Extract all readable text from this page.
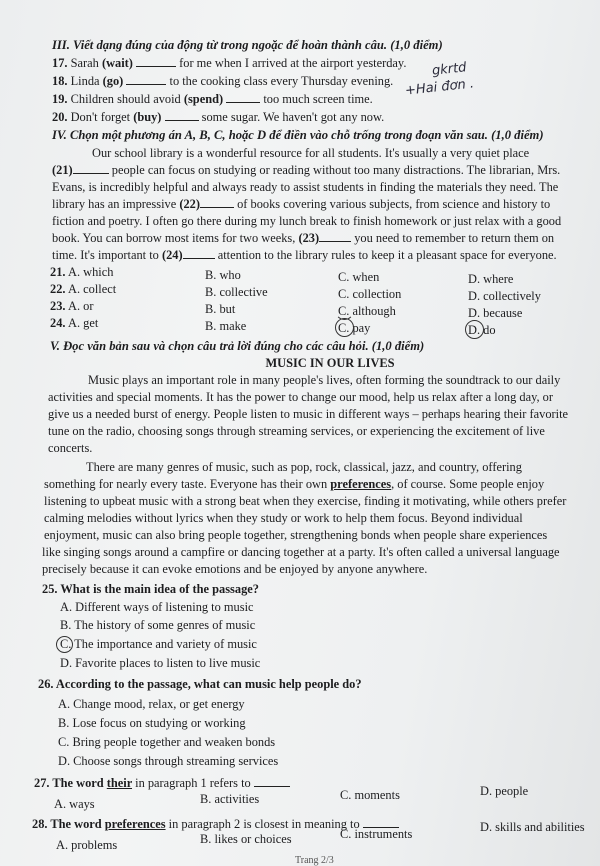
III. Viết dạng đúng của động từ trong ngoặc để hoàn thành câu. (1,0 điểm)
17. Sarah (wait)	for me when I arrived at the airport yesterday.
18. Linda (go)	to the cooking class every Thursday evening.
19. Children should avoid (spend)	too much screen time.
20. Don't forget (buy)	some sugar. We haven't got any now.
gkrtd
+Hai đơn .
IV. Chọn một phương án A, B, C, hoặc D để điền vào chỗ trống trong đoạn văn sau. (1,0 điểm)
Our school library is a wonderful resource for all students. It's usually a very quiet place
(21)	people can focus on studying or reading without too many distractions. The librarian, Mrs.
Evans, is incredibly helpful and always ready to assist students in finding the materials they need. The
library has an impressive (22)	of books covering various subjects, from science and history to
fiction and poetry. I often go there during my lunch break to finish homework or just relax with a good
book. You can borrow most items for two weeks, (23)	you need to remember to return them on
time. It's important to (24)	attention to the library rules to keep it a pleasant space for everyone.
21. A. which	B. who	C. when	D. where
22. A. collect	B. collective	C. collection	D. collectively
23. A. or	B. but	C. although	D. because
24. A. get	B. make	C. pay	D. do
V. Đọc văn bản sau và chọn câu trả lời đúng cho các câu hỏi. (1,0 điểm)
MUSIC IN OUR LIVES
Music plays an important role in many people's lives, often forming the soundtrack to our daily
activities and special moments. It has the power to change our mood, help us relax after a long day, or
give us a needed burst of energy. People listen to music in different ways – perhaps hearing their favorite
tune on the radio, choosing songs through streaming services, or experiencing the excitement of live
concerts.
There are many genres of music, such as pop, rock, classical, jazz, and country, offering
something for nearly every taste. Everyone has their own preferences, of course. Some people enjoy
listening to upbeat music with a strong beat when they exercise, finding it motivating, while others prefer
calming melodies without lyrics when they study or work to help them focus. Beyond individual
enjoyment, music can also bring people together, strengthening bonds when people share experiences
like singing songs around a campfire or dancing together at a party. It's often called a universal language
precisely because it can evoke emotions and be enjoyed by anyone anywhere.
25. What is the main idea of the passage?
A. Different ways of listening to music
B. The history of some genres of music
C. The importance and variety of music
D. Favorite places to listen to live music
26. According to the passage, what can music help people do?
A. Change mood, relax, or get energy
B. Lose focus on studying or working
C. Bring people together and weaken bonds
D. Choose songs through streaming services
27. The word their in paragraph 1 refers to
A. ways	B. activities	C. moments	D. people
28. The word preferences in paragraph 2 is closest in meaning to
A. problems	B. likes or choices	C. instruments	D. skills and abilities
Trang 2/3
